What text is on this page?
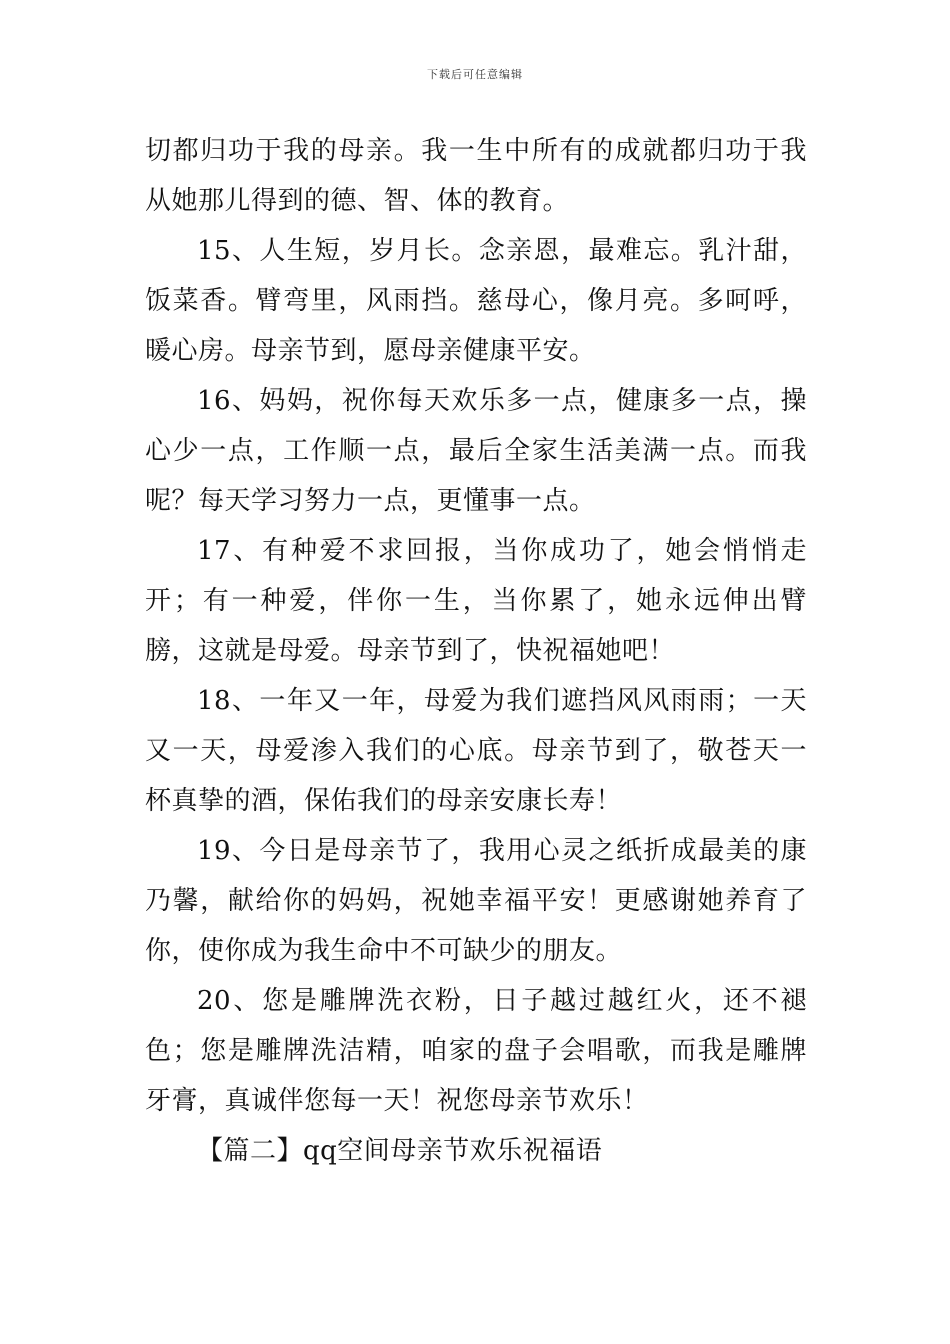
下载后可任意编辑

切都归功于我的母亲。我一生中所有的成就都归功于我从她那儿得到的德、智、体的教育。

15、人生短，岁月长。念亲恩，最难忘。乳汁甜，饭菜香。臂弯里，风雨挡。慈母心，像月亮。多呵呼，暖心房。母亲节到，愿母亲健康平安。

16、妈妈，祝你每天欢乐多一点，健康多一点，操心少一点，工作顺一点，最后全家生活美满一点。而我呢？每天学习努力一点，更懂事一点。

17、有种爱不求回报，当你成功了，她会悄悄走开；有一种爱，伴你一生，当你累了，她永远伸出臂膀，这就是母爱。母亲节到了，快祝福她吧！

18、一年又一年，母爱为我们遮挡风风雨雨；一天又一天，母爱渗入我们的心底。母亲节到了，敬苍天一杯真挚的酒，保佑我们的母亲安康长寿！

19、今日是母亲节了，我用心灵之纸折成最美的康乃馨，献给你的妈妈，祝她幸福平安！更感谢她养育了你，使你成为我生命中不可缺少的朋友。

20、您是雕牌洗衣粉，日子越过越红火，还不褪色；您是雕牌洗洁精，咱家的盘子会唱歌，而我是雕牌牙膏，真诚伴您每一天！祝您母亲节欢乐！

【篇二】qq空间母亲节欢乐祝福语
